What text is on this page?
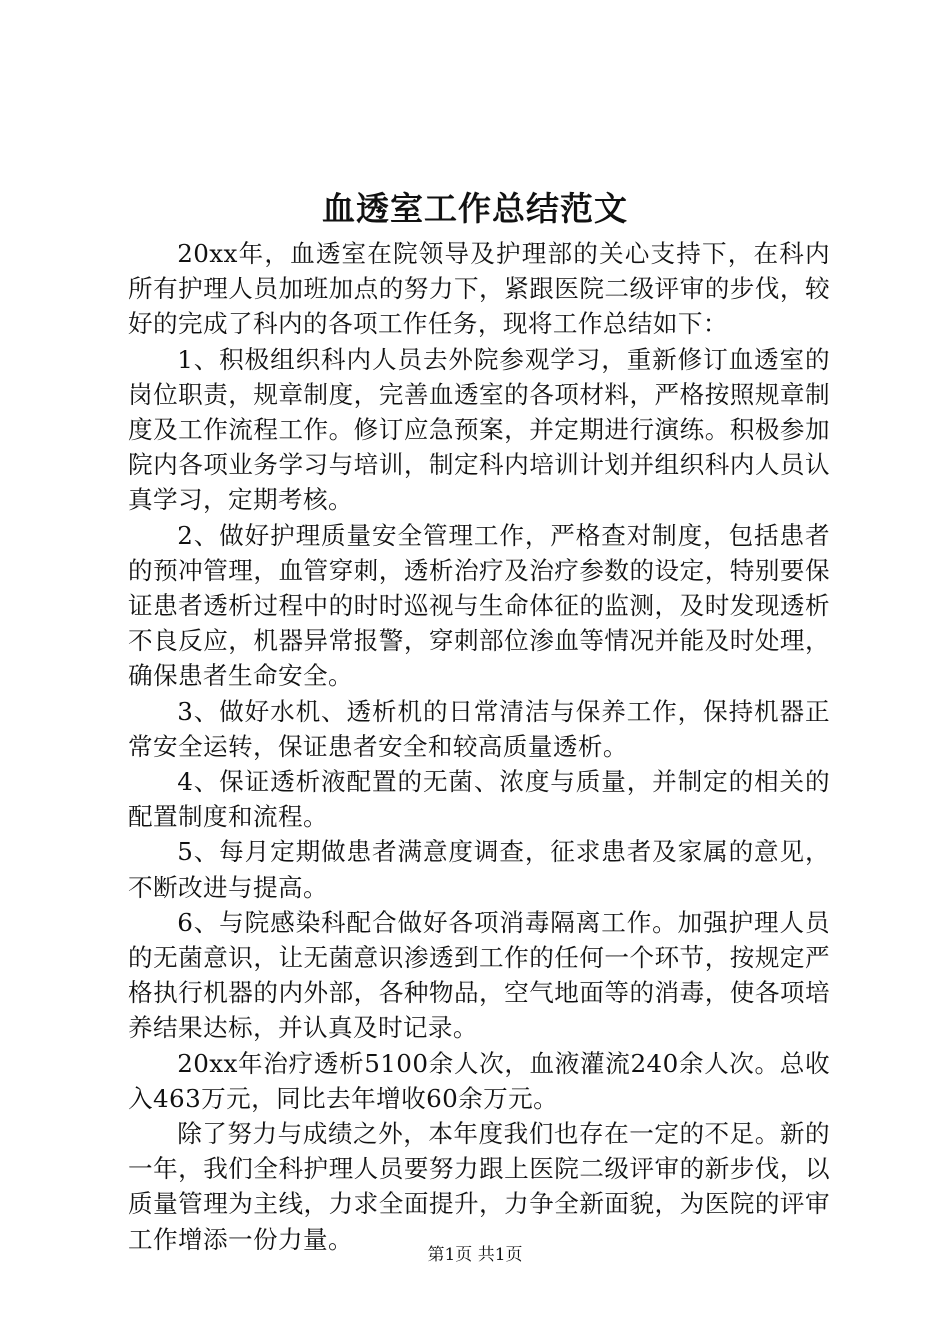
血透室工作总结范文

20xx年，血透室在院领导及护理部的关心支持下，在科内所有护理人员加班加点的努力下，紧跟医院二级评审的步伐，较好的完成了科内的各项工作任务，现将工作总结如下：

1、积极组织科内人员去外院参观学习，重新修订血透室的岗位职责，规章制度，完善血透室的各项材料，严格按照规章制度及工作流程工作。修订应急预案，并定期进行演练。积极参加院内各项业务学习与培训，制定科内培训计划并组织科内人员认真学习，定期考核。

2、做好护理质量安全管理工作，严格查对制度，包括患者的预冲管理，血管穿刺，透析治疗及治疗参数的设定，特别要保证患者透析过程中的时时巡视与生命体征的监测，及时发现透析不良反应，机器异常报警，穿刺部位渗血等情况并能及时处理，确保患者生命安全。

3、做好水机、透析机的日常清洁与保养工作，保持机器正常安全运转，保证患者安全和较高质量透析。

4、保证透析液配置的无菌、浓度与质量，并制定的相关的配置制度和流程。

5、每月定期做患者满意度调查，征求患者及家属的意见，不断改进与提高。

6、与院感染科配合做好各项消毒隔离工作。加强护理人员的无菌意识，让无菌意识渗透到工作的任何一个环节，按规定严格执行机器的内外部，各种物品，空气地面等的消毒，使各项培养结果达标，并认真及时记录。

20xx年治疗透析5100余人次，血液灌流240余人次。总收入463万元，同比去年增收60余万元。

除了努力与成绩之外，本年度我们也存在一定的不足。新的一年，我们全科护理人员要努力跟上医院二级评审的新步伐，以质量管理为主线，力求全面提升，力争全新面貌，为医院的评审工作增添一份力量。

第1页 共1页
